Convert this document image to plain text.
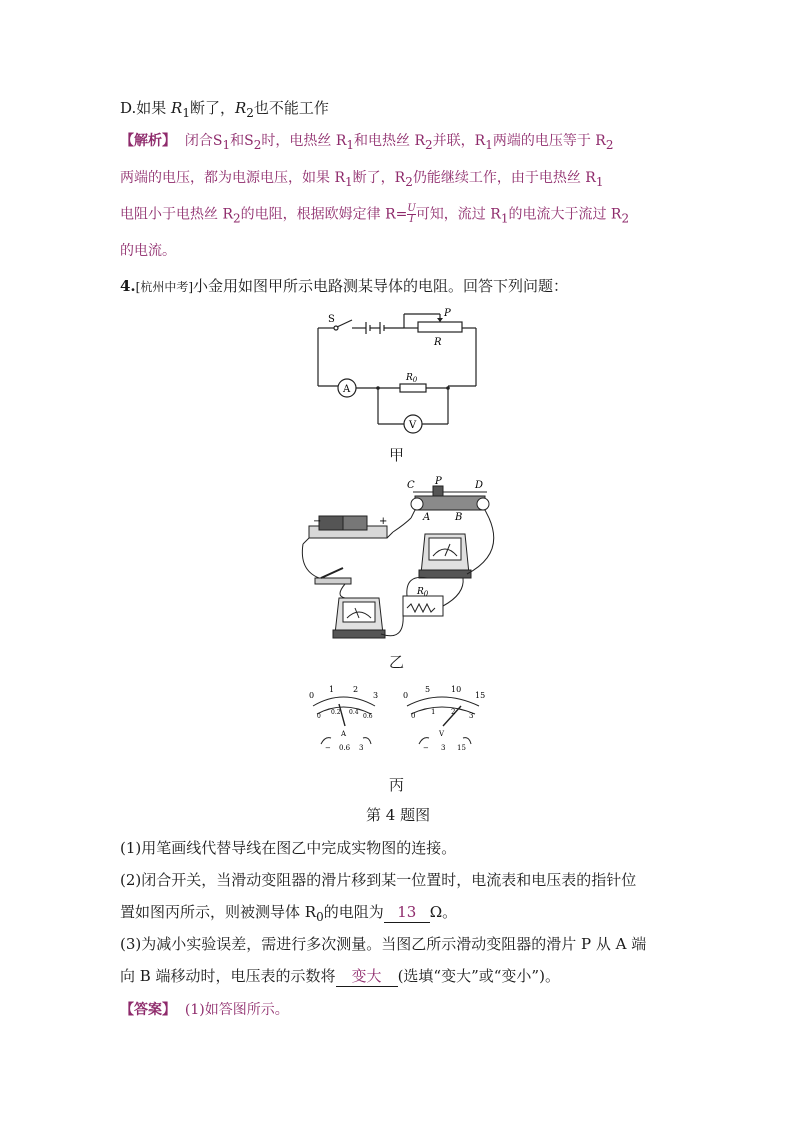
D.如果 $R_1$断了，$R_2$也不能工作
【解析】 闭合$S_1$和$S_2$时，电热丝 $R_1$和电热丝 $R_2$并联，$R_1$两端的电压等于 $R_2$
两端的电压，都为电源电压，如果 $R_1$断了，$R_2$仍能继续工作，由于电热丝 $R_1$
电阻小于电热丝 $R_2$的电阻，根据欧姆定律 $R= \frac{U}{I}$ 可知，流过 $R_1$的电流大于流过 $R_2$
的电流。
4.[杭州中考]小金用如图甲所示电路测某导体的电阻。回答下列问题：
S
P
R
$R_0$
A
V
甲
C P	D
A B
$R_0$
−	+
乙
0
1 2
3
0
0.2 0.4
0.6
A
− 0.6 3
0
5	10
15
0 1 2 3
V
− 3 15
丙
第 4 题图
(1)用笔画线代替导线在图乙中完成实物图的连接。
(2)闭合开关，当滑动变阻器的滑片移到某一位置时，电流表和电压表的指针位
置如图丙所示，则被测导体 $R_0$的电阻为 13 Ω。
(3)为减小实验误差，需进行多次测量。当图乙所示滑动变阻器的滑片 P 从 A 端
向 B 端移动时，电压表的示数将 变大 (选填“变大”或“变小”)。
【答案】 (1)如答图所示。
